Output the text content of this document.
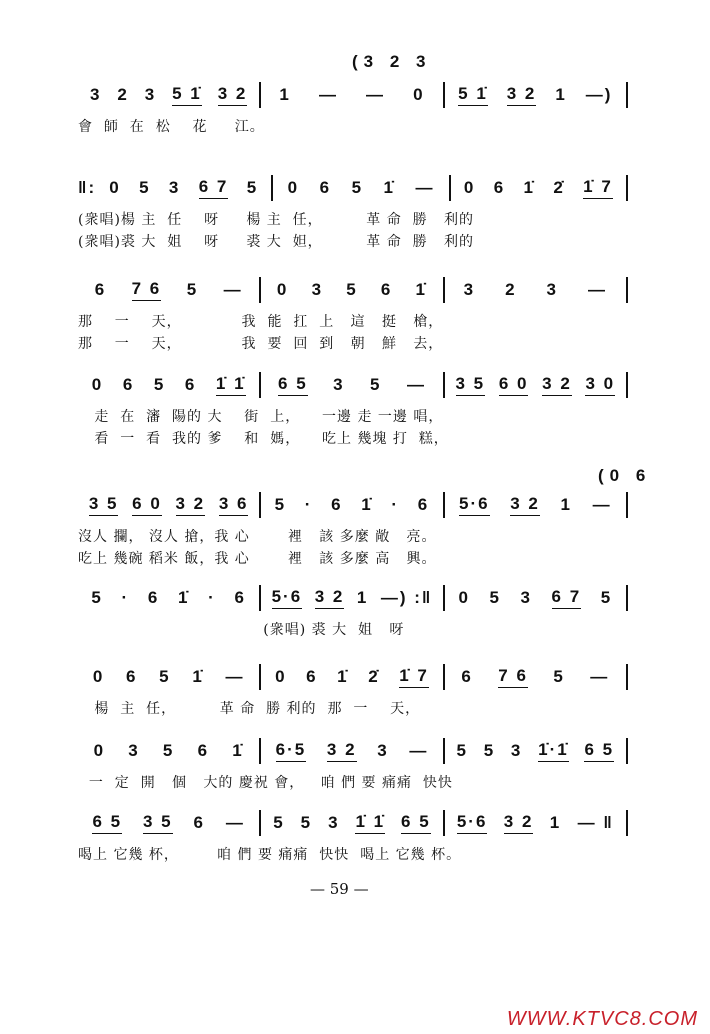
3 2 3 5 1̇ 3 2 1 — — 0 5 1̇ 3 2 1 —)
會  師  在  松    花     江。
‖: 0 5 3 6 7 5 0 6 5 1̇ — 0 6 1̇ 2̇ 1̇ 7
(衆唱)楊 主  任    呀     楊 主  任，        革 命  勝   利的
(衆唱)裘 大  姐    呀     裘 大  妲，        革 命  勝   利的
6 7 6 5 — 0 3 5 6 1̇ 3 2 3 —
那    一    天，           我  能  扛  上   這   挺   槍，
那    一    天，           我  要  回  到   朝   鮮   去，
0 6 5 6 1̇ 1̇ 6 5 3 5 — 3 5 6 0 3 2 3 0
走  在  瀋  陽的 大    街  上，    一邊 走 一邊 唱，
看  一  看  我的 爹    和  媽，    吃上 幾塊 打  糕，
3 5 6 0 3 2 3 6 5 · 6 1̇ · 6 5·6 3 2 1 —
沒人 攔， 沒人 搶，我 心       裡   該 多麼 敞   亮。
吃上 幾碗 稻米 飯，我 心       裡   該 多麼 高   興。
5 · 6 1̇ · 6 5·6 3 2 1 —) :‖ 0 5 3 6 7 5
(衆唱) 裘 大  姐   呀
0 6 5 1̇ — 0 6 1̇ 2̇ 1̇ 7 6 7 6 5 —
楊  主  任，        革 命  勝 利的  那  一    天，
0 3 5 6 1̇ 6·5 3 2 3 — 5 5 3 1̇·1̇ 6 5
一  定  開   個   大的 慶祝 會，   咱 們 要 痛痛  快快
6 5 3 5 6 — 5 5 3 1̇ 1̇ 6 5 5·6 3 2 1 — ‖
喝上 它幾 杯，       咱 們 要 痛痛  快快  喝上 它幾 杯。
(3 2 3
(0 6
— 59 —
WWW.KTVC8.COM
